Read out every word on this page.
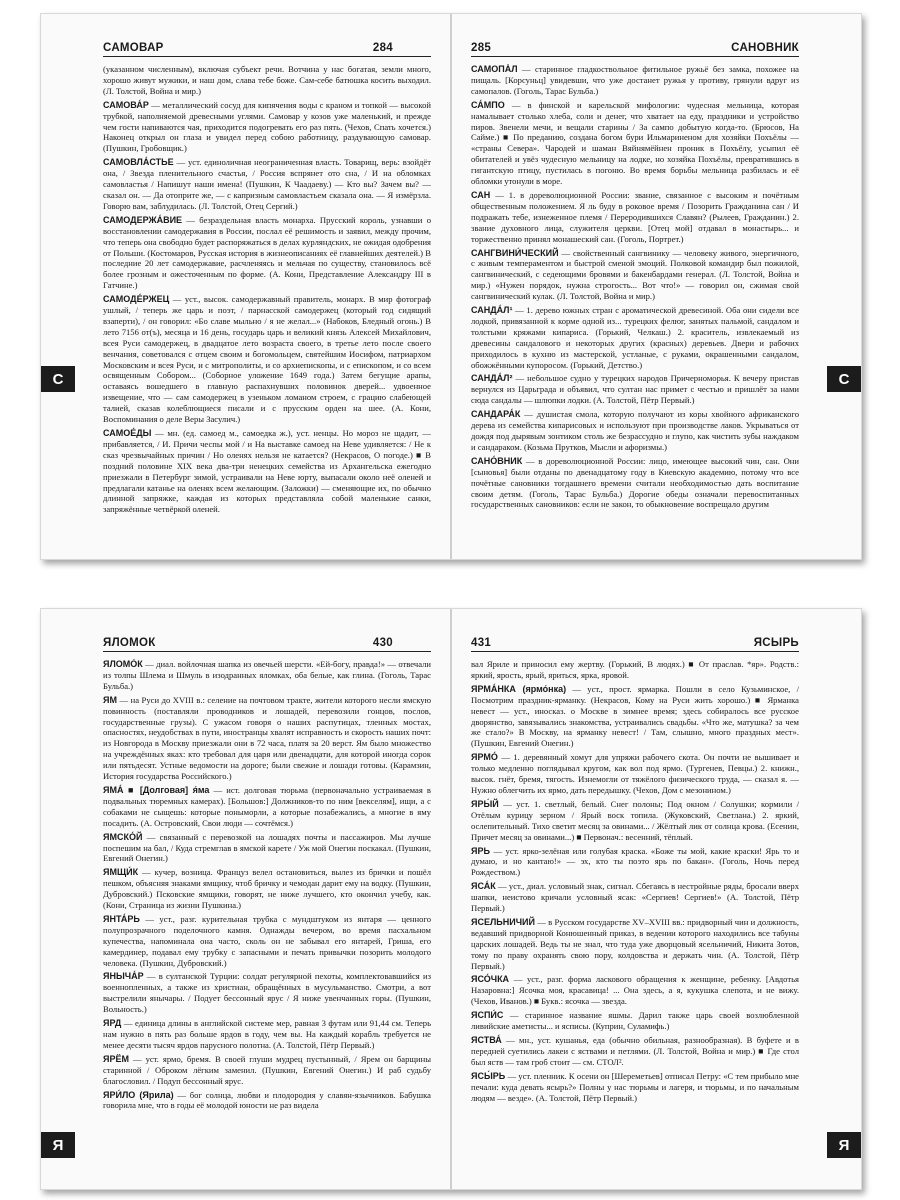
САМОВАР	284

(указанном численным), включая субъект речи. Вотчина у нас богатая, земли много, хорошо живут мужики, и наш дом, слава тебе боже. Сам-себе батюшка косить выходил. (Л. Толстой, Война и мир.)

САМОВА́Р — металлический сосуд для кипячения воды с краном и топкой — высокой трубкой, наполняемой древесными углями. Самовар у козов уже маленький, и прежде чем гости напиваются чая, приходится подогревать его раз пять. (Чехов, Спать хочется.) Наконец открыл он глаза и увидел перед собою работницу, раздувающую самовар. (Пушкин, Гробовщик.)

САМОВЛА́СТЬЕ — уст. единоличная неограниченная власть. Товарищ, верь: взойдёт она, / Звезда пленительного счастья, / Россия вспрянет ото сна, / И на обломках самовластья / Напишут наши имена! (Пушкин, К Чаадаеву.) — Кто вы? Зачем вы? — сказал он. — Да отоприте же, — с капризным самовластьем сказала она. — Я измёрзла. Говорю вам, заблудилась. (Л. Толстой, Отец Сергий.)

САМОДЕРЖА́ВИЕ — безраздельная власть монарха. Прусский король, узнавши о восстановлении самодержавия в России, послал её решимость и заявил, между прочим, что теперь она свободно будет распоряжаться в делах курляндских, не ожидая одобрения от Польши. (Костомаров, Русская история в жизнеописаниях её главнейших деятелей.) В последние 20 лет самодержавие, расчленяясь и мельчая по существу, становилось всё более грозным и ожесточенным по форме. (А. Кони, Представление Александру III в Гатчине.)

САМОДЕ́РЖЕЦ — уст., высок. самодержавный правитель, монарх. В мир фотограф ушлый, / теперь же царь и поэт, / парнасской самодержец (который год сидящий взаперти), / он говорил: «Бо славе мыльно / я не желал...» (Набоков, Бледный огонь.) В лето 7156 от(ъ), месяца и 16 день, государь царь и великий князь Алексей Михайлович, всея Руси самодержец, в двадцатое лето возраста своего, в третье лето после своего венчания, советовался с отцем своим и богомольцем, святейшим Иосифом, патриархом Московским и всея Руси, и с митрополиты, и со архиепископы, и с епископом, и со всем освященным Собором... (Соборное уложение 1649 года.) Затем бегущие арапы, оставаясь вошедшего в главную распахнувших половинок дверей... удвоенное извещение, что — сам самодержец в узеньком ломаном строем, с грацию слабеющей талией, сказав колеблющиеся писали и с прусским орден на шее. (А. Кони, Воспоминания о деле Веры Засулич.)

САМОЕ́ДЫ — мн. (ед. самоед м., самоедка ж.), уст. ненцы. Но мороз не щадит, — прибавляется, / И. Причи чеспы мой / и На выставке самоед на Неве удивляется: / Не к сказ чрезвычайных причин / Но оленях нельзя не катается? (Некрасов, О погоде.) ■ В поздний половине XIX века два-три ненецких семейства из Архангельска ежегодно приезжали в Петербург зимой, устраивали на Неве юрту, выпасали около неё оленей и предлагали катанье на оленях всем желающим. (Заложки) — сменяющие их, по обычно длинной запряжке, каждая из которых представляла собой маленькие санки, запряжённые четвёркой оленей.

С
285	САНОВНИК

САМОПА́Л — старинное гладкоствольное фитильное ружьё без замка, похожее на пищаль. [Корсуньц] увидевши, что уже достанет ружья у противу, грянули вдруг из самопалов. (Гоголь, Тарас Бульба.)

СА́МПО — в финской и карельской мифологии: чудесная мельница, которая намалывает столько хлеба, соли и денег, что хватает на еду, праздники и устройство пиров. Звенели мечи, и вещали старины / За сампо добытую когда-то. (Брюсов, На Сайме.) ■ По преданию, создана богом бури Ильмариненом для хозяйки Похъёлы — «страны Севера». Чародей и шаман Вяйнямёйнен проник в Похъёлу, усыпил её обитателей и увёз чудесную мельницу на лодке, но хозяйка Похъёлы, превратившись в гигантскую птицу, пустилась в погоню. Во время борьбы мельница разбилась и её обломки утонули в море.

САН — 1. в дореволюционной России: звание, связанное с высоким и почётным общественным положением. Я ль буду в роковое время / Позорить Гражданина сан / И подражать тебе, изнеженное племя / Переродившихся Славян? (Рылеев, Гражданин.) 2. звание духовного лица, служителя церкви. [Отец мой] отдавал в монастырь... и торжественно принял монашеский сан. (Гоголь, Портрет.)

САНГВИНИ́ЧЕСКИЙ — свойственный сангвинику — человеку живого, энергичного, с живым темпераментом и быстрой сменой эмоций. Полковой командир был пожилой, сангвинический, с седеющими бровями и бакенбардами генерал. (Л. Толстой, Война и мир.) «Нужен порядок, нужна строгость... Вот что!» — говорил он, сжимая свой сангвинический кулак. (Л. Толстой, Война и мир.)

САНДА́Л¹ — 1. дерево южных стран с ароматической древесиной. Оба они сидели все лодкой, привязанной к корме одной из... турецких фелюг, занятых пальмой, сандалом и толстыми кряжами кипариса. (Горький, Челкаш.) 2. краситель, извлекаемый из древесины сандалового и некоторых других (красных) деревьев. Двери и рабочих приходилось в кухню из мастерской, устланые, с руками, окрашенными сандалом, обожжёнными купоросом. (Горький, Детство.)

САНДА́Л² — небольшое судно у турецких народов Причерноморья. К вечеру пристав вернулся из Царьграда и объявил, что султан нас примет с честью и пришлёт за нами сюда сандалы — шлюпки лодки. (А. Толстой, Пётр Первый.)

САНДАРА́К — душистая смола, которую получают из коры хвойного африканского дерева из семейства кипарисовых и используют при производстве лаков. Укрываться от дождя под дырявым зонтиком столь же безрассудно и глупо, как чистить зубы наждаком и сандараком. (Козьма Прутков, Мысли и афоризмы.)

САНО́ВНИК — в дореволюционной России: лицо, имеющее высокий чин, сан. Они [сыновья] были отданы по двенадцатому году в Киевскую академию, потому что все почётные сановники тогдашнего времени считали необходимостью дать воспитание своим детям. (Гоголь, Тарас Бульба.) Дорогие обеды означали перевоспитанных государственных сановников: если не закон, то обыкновение воспрещало другим

С
ЯЛОМОК	430

ЯЛОМО́К — диал. войлочная шапка из овечьей шерсти. «Ей-богу, правда!» — отвечали из толпы Шлема и Шмуль в изодранных яломках, оба белые, как глина. (Гоголь, Тарас Бульба.)

ЯМ — на Руси до XVIII в.: селение на почтовом тракте, жители которого несли ямскую повинность (поставляли проводников и лошадей, перевозили гонцов, послов, государственные грузы). С ужасом говоря о наших распутицах, тленных мостах, опасностях, неудобствах в пути, иностранцы хвалят исправность и скорость наших почт: из Новгорода в Москву приезжали они в 72 часа, платя за 20 верст. Ям было множество на учреждённых яках: кто требовал для царя или двенадцати, для которой иногда сорок или пятьдесят. Устные ведомости на дороге; были свежие и лошади готовы. (Карамзин, История государства Российского.)

ЯМА́ ■ [Долговая] я́ма — ист. долговая тюрьма (первоначально устраиваемая в подвальных тюремных камерах). [Большов:] Должников-то по ним [векселям], ищи, а с собаками не сыщешь: которые поныморли, а которые позабежались, а многие в яму посадить. (А. Островский, Свои люди — сочтёмся.)

ЯМСКО́Й — связанный с перевозкой на лошадях почты и пассажиров. Мы лучше поспешим на бал, / Куда стремглав в ямской карете / Уж мой Онегин поскакал. (Пушкин, Евгений Онегин.)

ЯМЩИ́К — кучер, возница. Француз велел остановиться, вылез из брички и пошёл пешком, объясняя знаками ямщику, чтоб бричку и чемодан дарит ему на водку. (Пушкин, Дубровский.) Псковские ямщики, говорят, не ниже лучшего, кто окончил учебу, как. (Кони, Страница из жизни Пушкина.)

ЯНТА́РЬ — уст., разг. курительная трубка с мундштуком из янтаря — ценного полупрозрачного поделочного камня. Однажды вечером, во время пасхальном купечества, напоминала она часто, сколь он не забывал его янтарей, Гриша, его камердинер, подавал ему трубку с запасными и печать привычки позорить молодого человека. (Пушкин, Дубровский.)

ЯНЫЧА́Р — в султанской Турции: солдат регулярной пехоты, комплектовавшийся из военнопленных, а также из христиан, обращённых в мусульманство. Смотри, а вот выстрелили янычары. / Подует бессонный ярус / Я ниже увенчанных горы. (Пушкин, Вольность.)

ЯРД — единица длины в английской системе мер, равная 3 футам или 91,44 см. Теперь нам нужно в пять раз больше ярдов в году, чем вы. На каждый корабль требуется не менее десяти тысяч ярдов парусного полотна. (А. Толстой, Пётр Первый.)

ЯРЁМ — уст. ярмо, бремя. В своей глуши мудрец пустынный, / Ярем он барщины старинной / Оброком лёгким заменил. (Пушкин, Евгений Онегин.) И раб судьбу благословил. / Подуп бессонный ярус.

ЯРИ́ЛО (Ярила) — бог солнца, любви и плодородия у славян-язычников. Бабушка говорила мне, что в годы её молодой юности не раз видела

Я
431	ЯСЫРЬ

вал Яриле и приносил ему жертву. (Горький, В людях.) ■ От праслав. *яр». Родств.: яркий, ярость, ярый, яриться, ярка, яровой.

ЯРМА́НКА (ярмо́нка) — уст., прост. ярмарка. Пошли в село Кузьминское, / Посмотрим праздник-ярманку. (Некрасов, Кому на Руси жить хорошо.) ■ Ярманка невест — уст., иносказ. о Москве в зимнее время; здесь собиралось все русское дворянство, завязывались знакомства, устраивались свадьбы. «Что же, матушка? за чем же стало?» В Москву, на ярманку невест! / Там, слышно, много праздных мест». (Пушкин, Евгений Онегин.)

ЯРМО́ — 1. деревянный хомут для упряжи рабочего скота. Он почти не вышивает и только медленно поглядывал кругом, как вол под ярмо. (Тургенев, Певцы.) 2. книжн., высок. гнёт, бремя, тягость. Изнемогли от тяжёлого физического труда, — сказал я. — Нужно облегчить их ярмо, дать передышку. (Чехов, Дом с мезонином.)

ЯРЫ́Й — уст. 1. светлый, белый. Снег полоны; Под окном / Солушки; кормили / Отёлым курицу зерном / Ярый воск топила. (Жуковский, Светлана.) 2. яркий, ослепительный. Тихо светит месяц за овинами... / Жёлтый лик от солнца крова. (Есенин, Причет месяц за овинами...) ■ Первонач.: весенний, тёплый.

ЯРЬ — уст. ярко-зелёная или голубая краска. «Боже ты мой, какие краски! Ярь то и думаю, и но кантаю!» — эх, кто ты поэто ярь по бакан». (Гоголь, Ночь перед Рождеством.)

ЯСА́К — уст., диал. условный знак, сигнал. Сбегаясь в нестройные ряды, бросали вверх шапки, неистово кричали условный ясак: «Сергиев! Сергиев!» (А. Толстой, Пётр Первый.)

ЯСЕЛЬНИЧИЙ — в Русском государстве XV–XVIII вв.: придворный чин и должность, ведавший придворной Конюшенный приказ, в ведении которого находились все табуны царских лошадей. Ведь ты не знал, что туда уже дворцовый ясельничий, Никита Зотов, тому по праву охранять свою пору, колдовства и держать чин. (А. Толстой, Пётр Первый.)

ЯСО́ЧКА — уст., разг. форма ласкового обращения к женщине, ребенку. [Авдотья Назаровна:] Ясочка моя, красавица! ... Она здесь, а я, кукушка слепота, и не вижу. (Чехов, Иванов.) ■ Букв.: ясочка — звезда.

ЯСПИ́С — старинное название яшмы. Дарил также царь своей возлюбленной ливийские аметисты... и ясписы. (Куприн, Суламифь.)

ЯСТВА́ — мн., уст. кушанья, еда (обычно обильная, разнообразная). В буфете и в передней суетились лакеи с яствами и петлями. (Л. Толстой, Война и мир.) ■ Где стол был яств — там гроб стоит — см. СТОЛ².

ЯСЫ́РЬ — уст. пленник. К осени он [Шереметьев] отписал Петру: «С тем прибыло мне печали: куда девать ясырь?» Полны у нас тюрьмы и лагеря, и тюрьмы, и по начальным людям — везде». (А. Толстой, Пётр Первый.)

Я
